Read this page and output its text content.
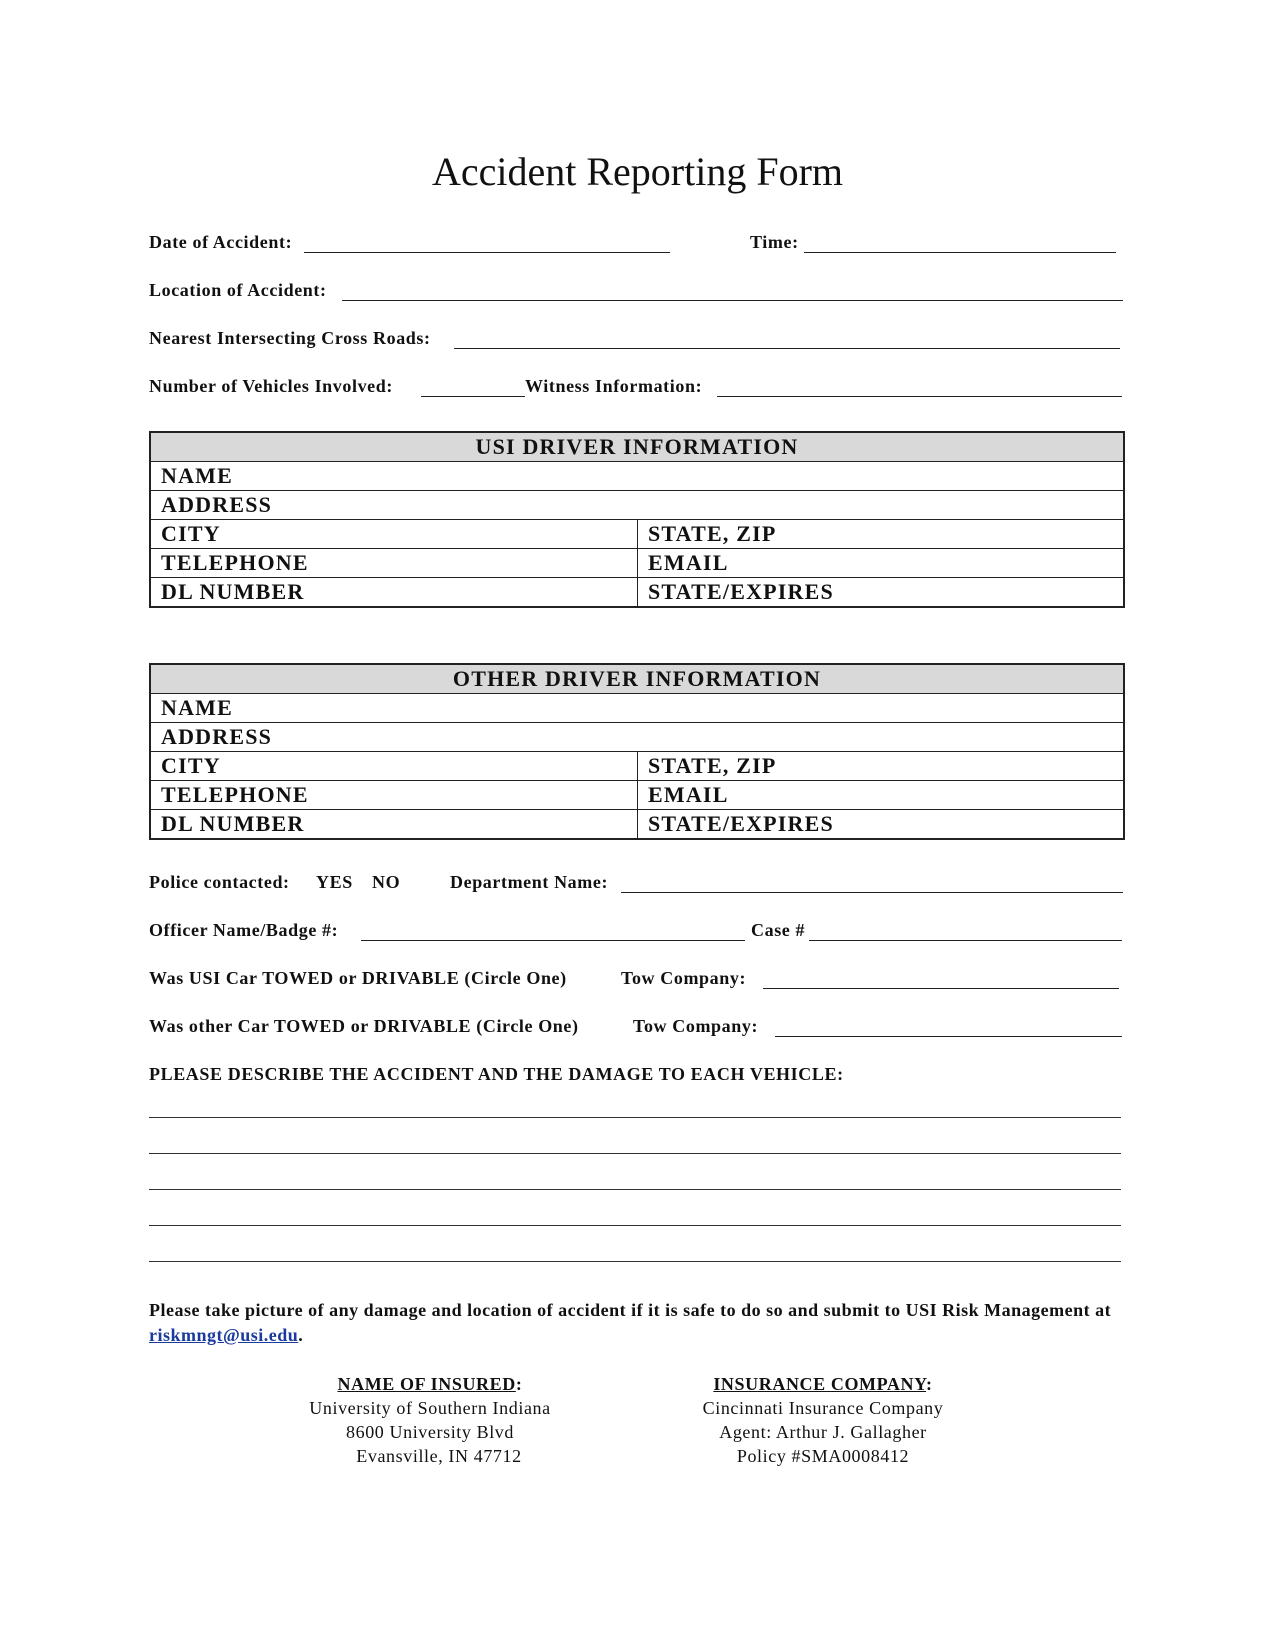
Accident Reporting Form
Date of Accident:	Time:
Location of Accident:
Nearest Intersecting Cross Roads:
Number of Vehicles Involved:	Witness Information:
USI DRIVER INFORMATION	
NAME	
ADDRESS	
CITY	STATE, ZIP
TELEPHONE	EMAIL
DL NUMBER	STATE/EXPIRES
OTHER DRIVER INFORMATION	
NAME	
ADDRESS	
CITY	STATE, ZIP
TELEPHONE	EMAIL
DL NUMBER	STATE/EXPIRES
Police contacted: YES NO	Department Name:
Officer Name/Badge #:	Case #
Was USI Car TOWED or DRIVABLE (Circle One)	Tow Company:
Was other Car TOWED or DRIVABLE (Circle One)	Tow Company:
PLEASE DESCRIBE THE ACCIDENT AND THE DAMAGE TO EACH VEHICLE:
Please take picture of any damage and location of accident if it is safe to do so and submit to USI Risk Management at riskmngt@usi.edu.
NAME OF INSURED:
University of Southern Indiana
8600 University Blvd
Evansville, IN 47712
INSURANCE COMPANY:
Cincinnati Insurance Company
Agent: Arthur J. Gallagher
Policy #SMA0008412
